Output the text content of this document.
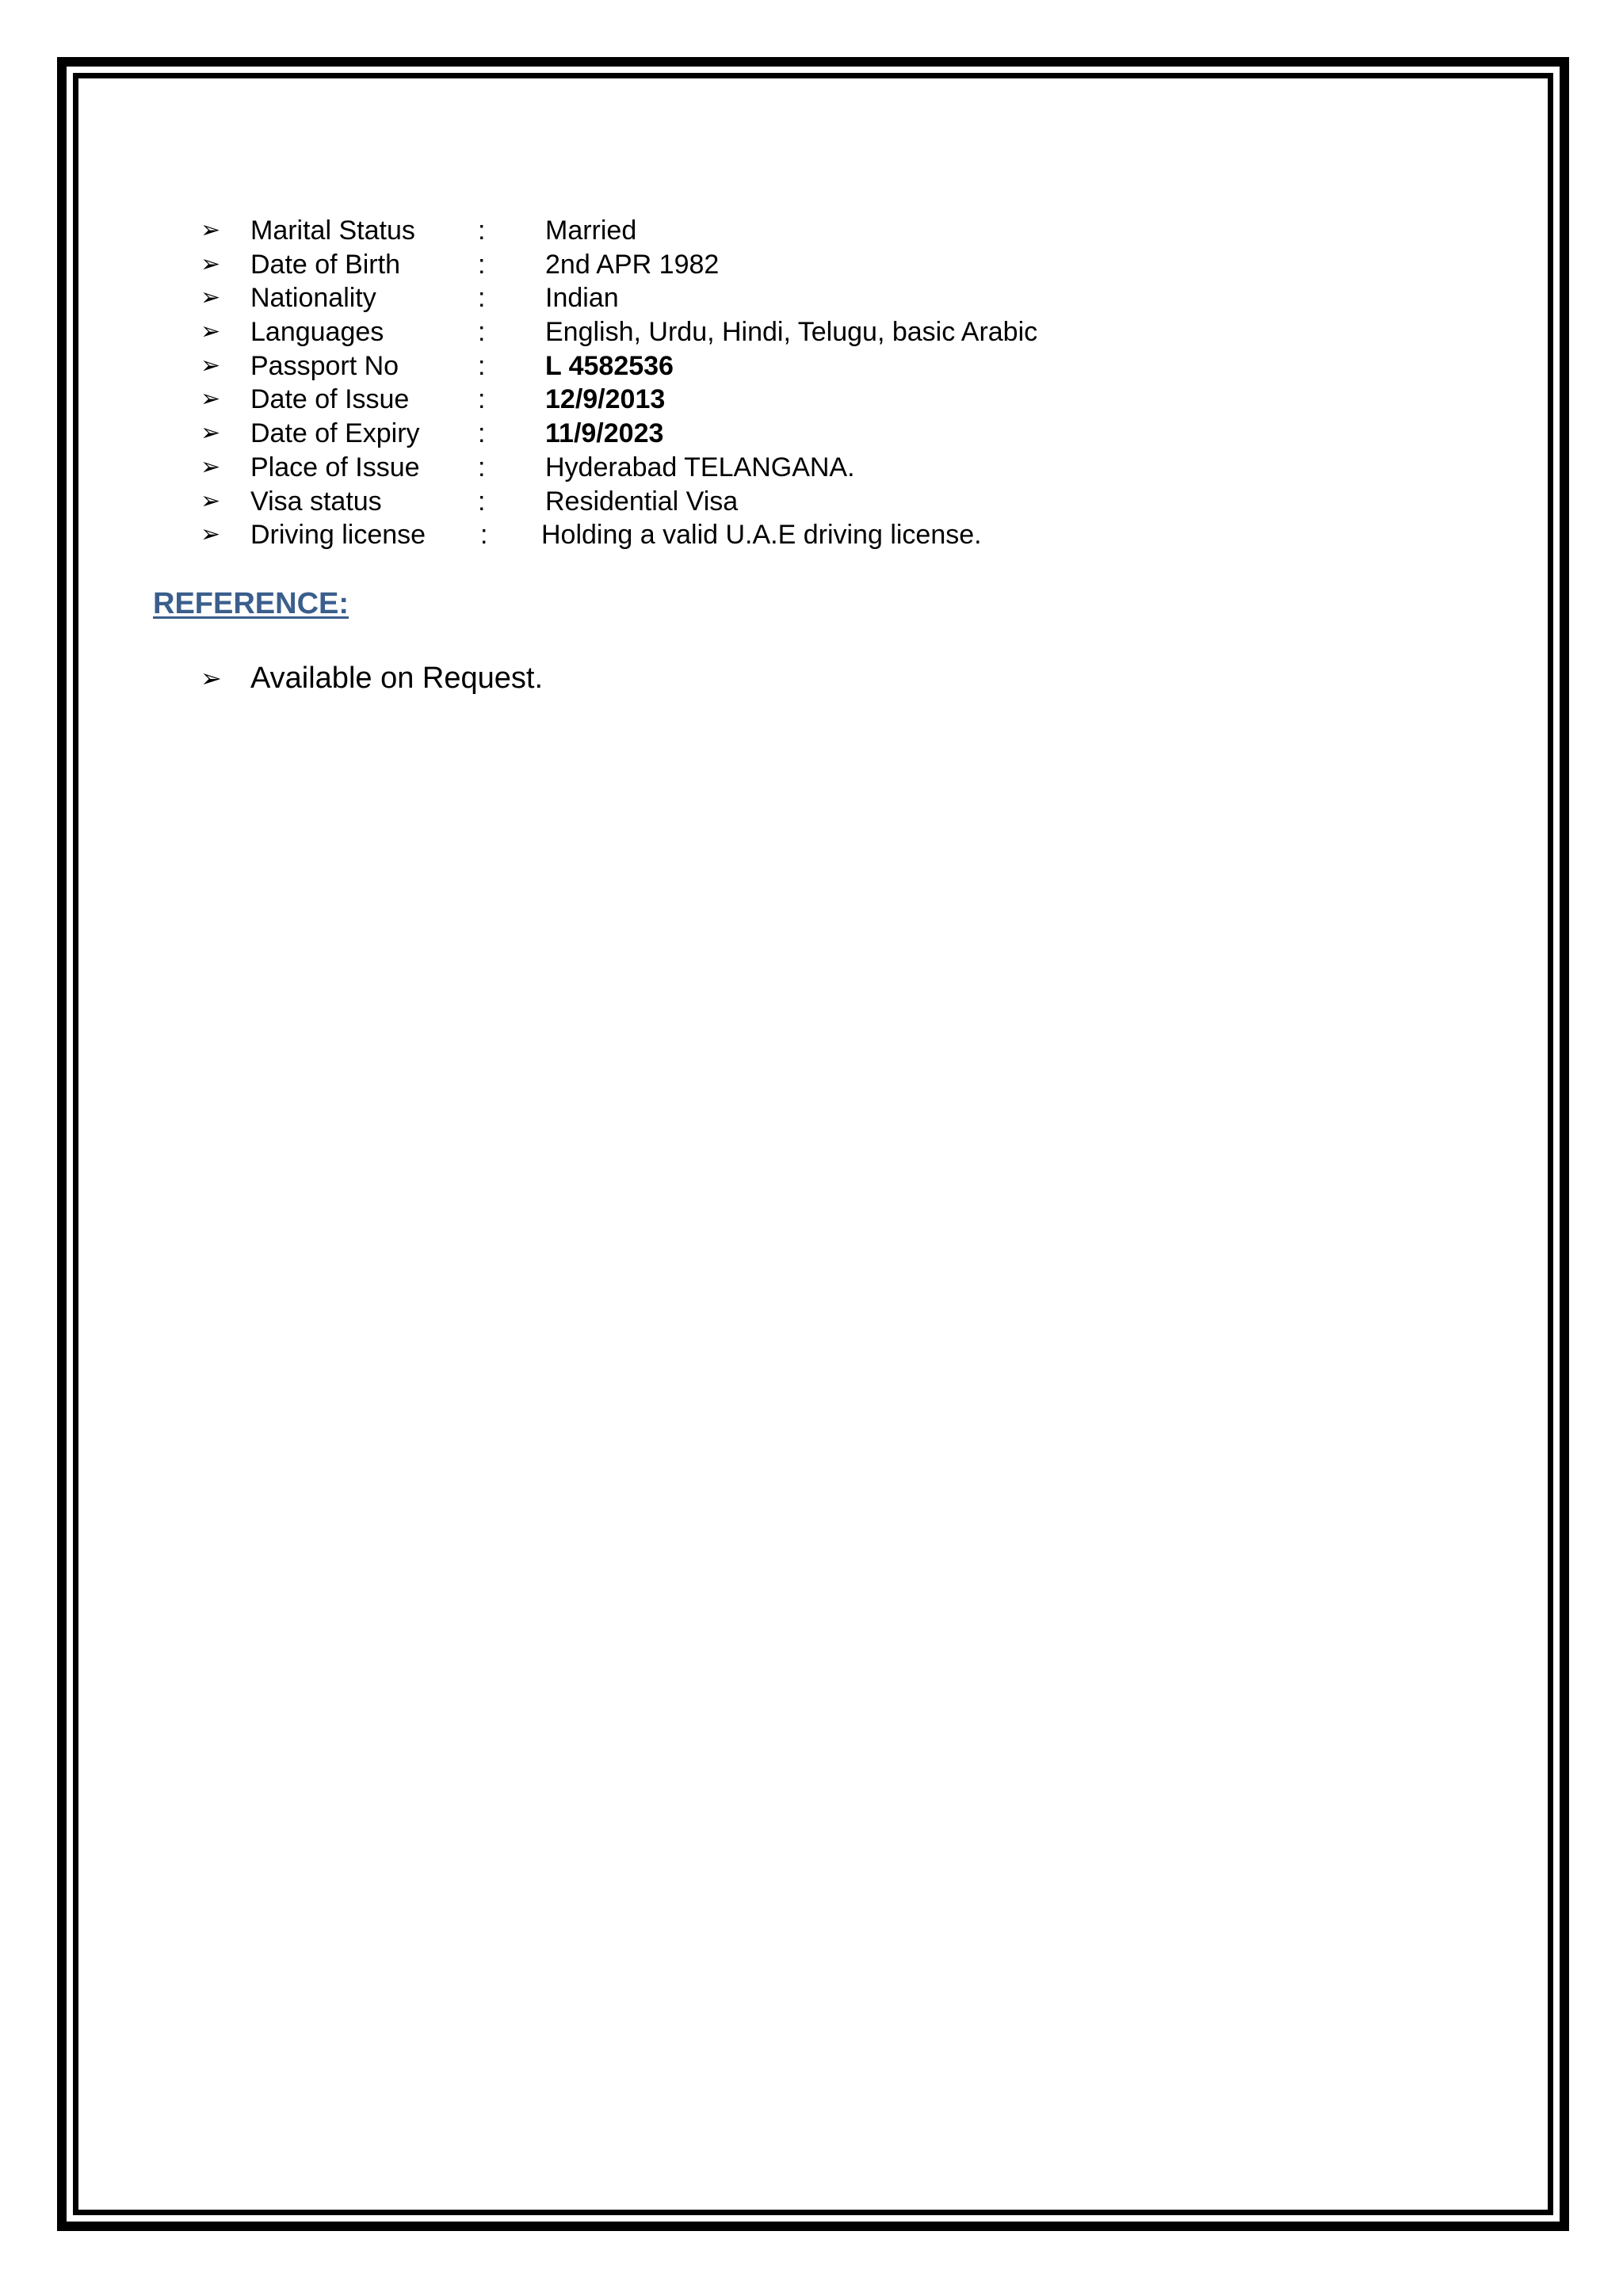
➢ Marital Status : Married
➢ Date of Birth	: 2nd APR 1982
➢ Nationality	: Indian
➢ Languages	: English, Urdu, Hindi, Telugu, basic Arabic
➢ Passport No	: L 4582536
➢ Date of Issue	: 12/9/2013
➢ Date of Expiry : 11/9/2023
➢ Place of Issue : Hyderabad TELANGANA.
➢ Visa status	: Residential Visa
➢ Driving license : Holding a valid U.A.E driving license.
REFERENCE:
➢ Available on Request.
